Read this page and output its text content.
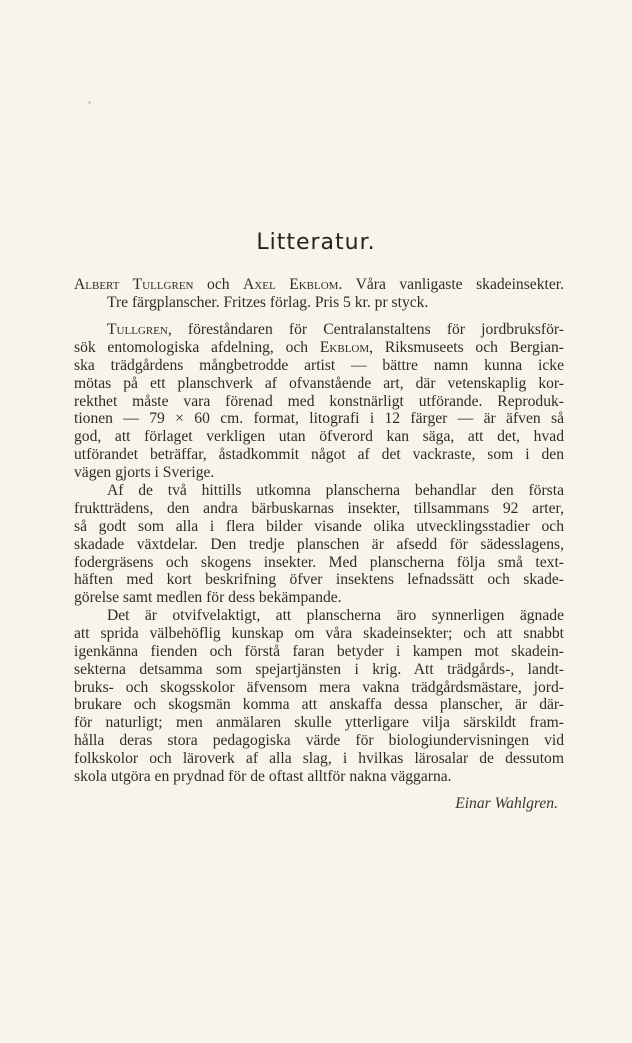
Litteratur.
Albert Tullgren och Axel Ekblom. Våra vanligaste skadeinsekter.
Tre färgplanscher. Fritzes förlag. Pris 5 kr. pr styck.
Tullgren, föreståndaren för Centralanstaltens för jordbruksför-
sök entomologiska afdelning, och Ekblom, Riksmuseets och Bergian-
ska trädgårdens mångbetrodde artist — bättre namn kunna icke
mötas på ett planschverk af ofvanstående art, där vetenskaplig kor-
rekthet måste vara förenad med konstnärligt utförande. Reproduk-
tionen — 79 × 60 cm. format, litografi i 12 färger — är äfven så
god, att förlaget verkligen utan öfverord kan säga, att det, hvad
utförandet beträffar, åstadkommit något af det vackraste, som i den
vägen gjorts i Sverige.
Af de två hittills utkomna planscherna behandlar den första
fruktträdens, den andra bärbuskarnas insekter, tillsammans 92 arter,
så godt som alla i flera bilder visande olika utvecklingsstadier och
skadade växtdelar. Den tredje planschen är afsedd för sädesslagens,
fodergräsens och skogens insekter. Med planscherna följa små text-
häften med kort beskrifning öfver insektens lefnadssätt och skade-
görelse samt medlen för dess bekämpande.
Det är otvifvelaktigt, att planscherna äro synnerligen ägnade
att sprida välbehöflig kunskap om våra skadeinsekter; och att snabbt
igenkänna fienden och förstå faran betyder i kampen mot skadein-
sekterna detsamma som spejartjänsten i krig. Att trädgårds-, landt-
bruks- och skogsskolor äfvensom mera vakna trädgårdsmästare, jord-
brukare och skogsmän komma att anskaffa dessa planscher, är där-
för naturligt; men anmälaren skulle ytterligare vilja särskildt fram-
hålla deras stora pedagogiska värde för biologiundervisningen vid
folkskolor och läroverk af alla slag, i hvilkas lärosalar de dessutom
skola utgöra en prydnad för de oftast alltför nakna väggarna.
Einar Wahlgren.
